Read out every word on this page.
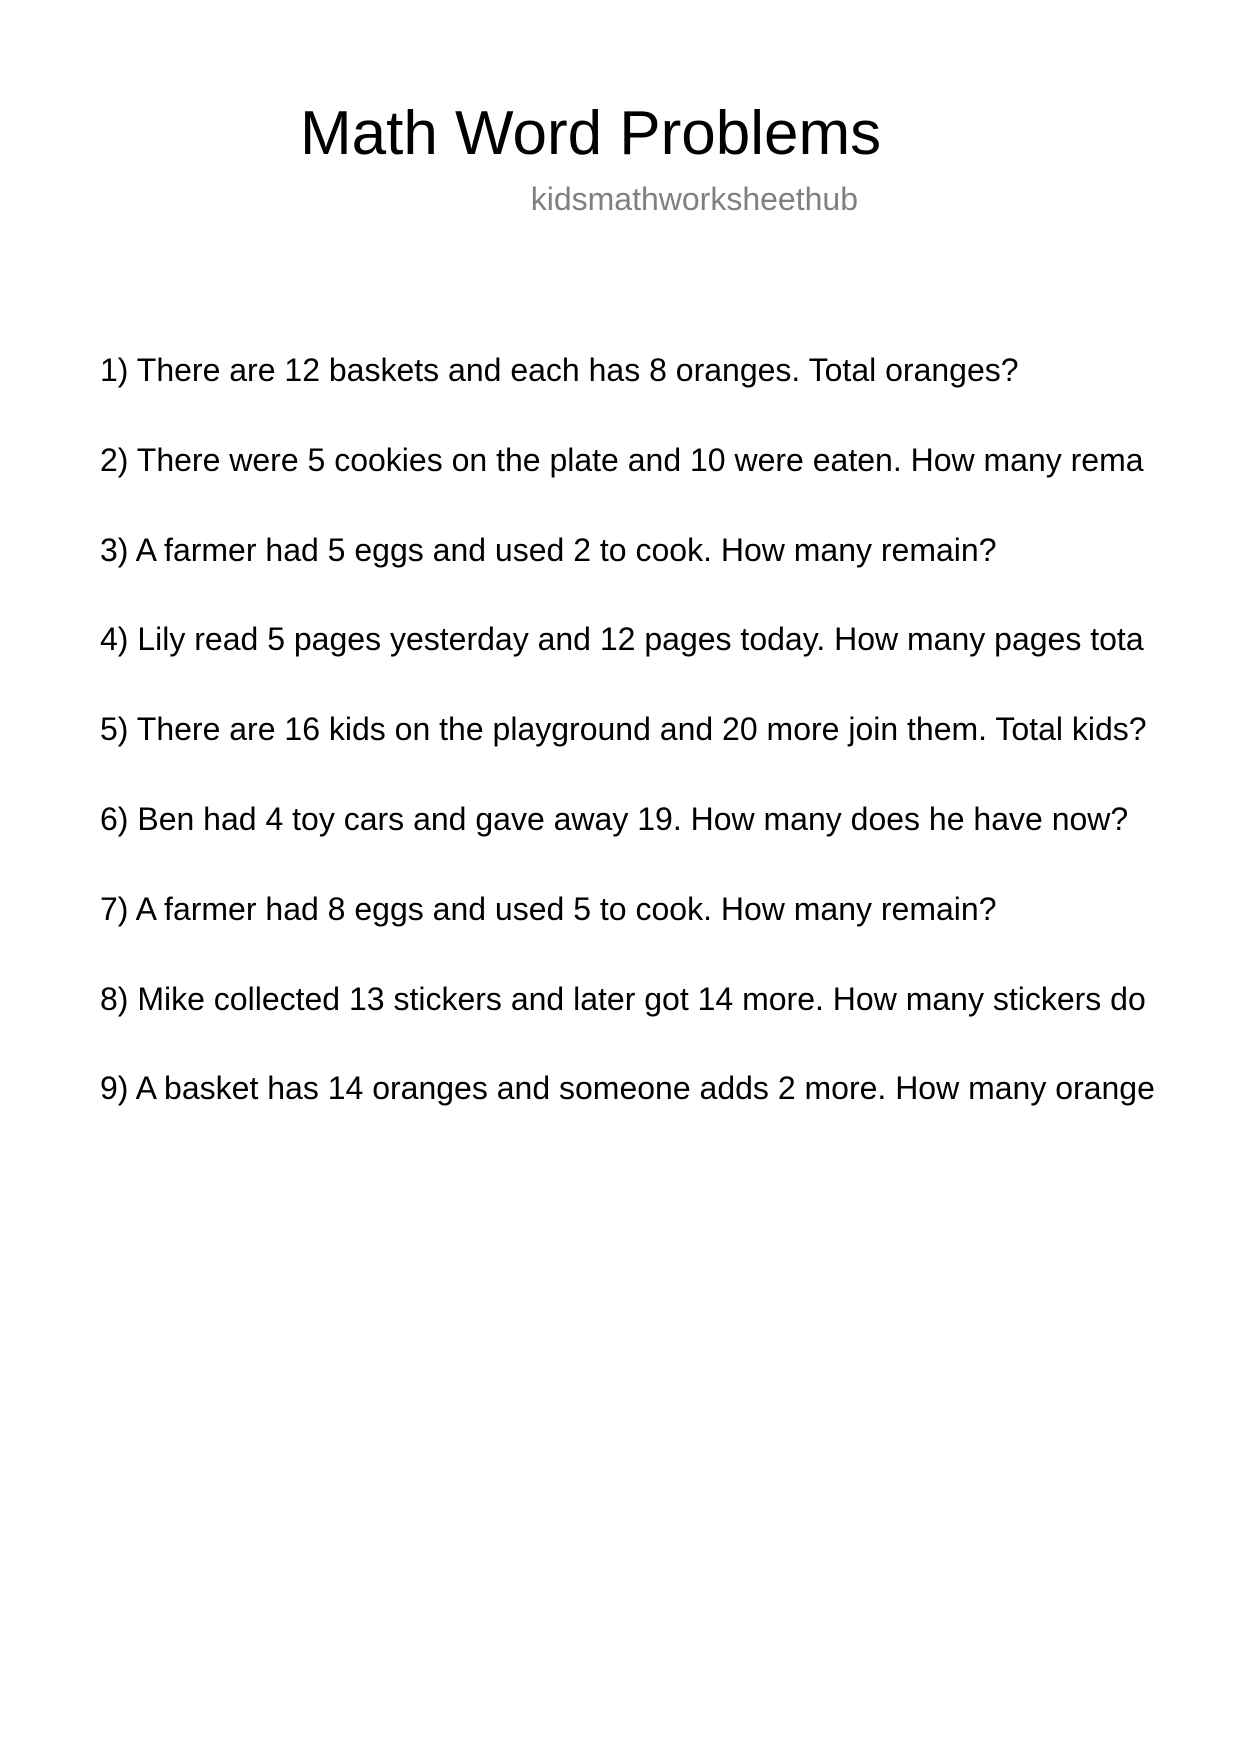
Math Word Problems
kidsmathworksheethub
1) There are 12 baskets and each has 8 oranges. Total oranges?
2) There were 5 cookies on the plate and 10 were eaten. How many rema
3) A farmer had 5 eggs and used 2 to cook. How many remain?
4) Lily read 5 pages yesterday and 12 pages today. How many pages tota
5) There are 16 kids on the playground and 20 more join them. Total kids?
6) Ben had 4 toy cars and gave away 19. How many does he have now?
7) A farmer had 8 eggs and used 5 to cook. How many remain?
8) Mike collected 13 stickers and later got 14 more. How many stickers do
9) A basket has 14 oranges and someone adds 2 more. How many orange
